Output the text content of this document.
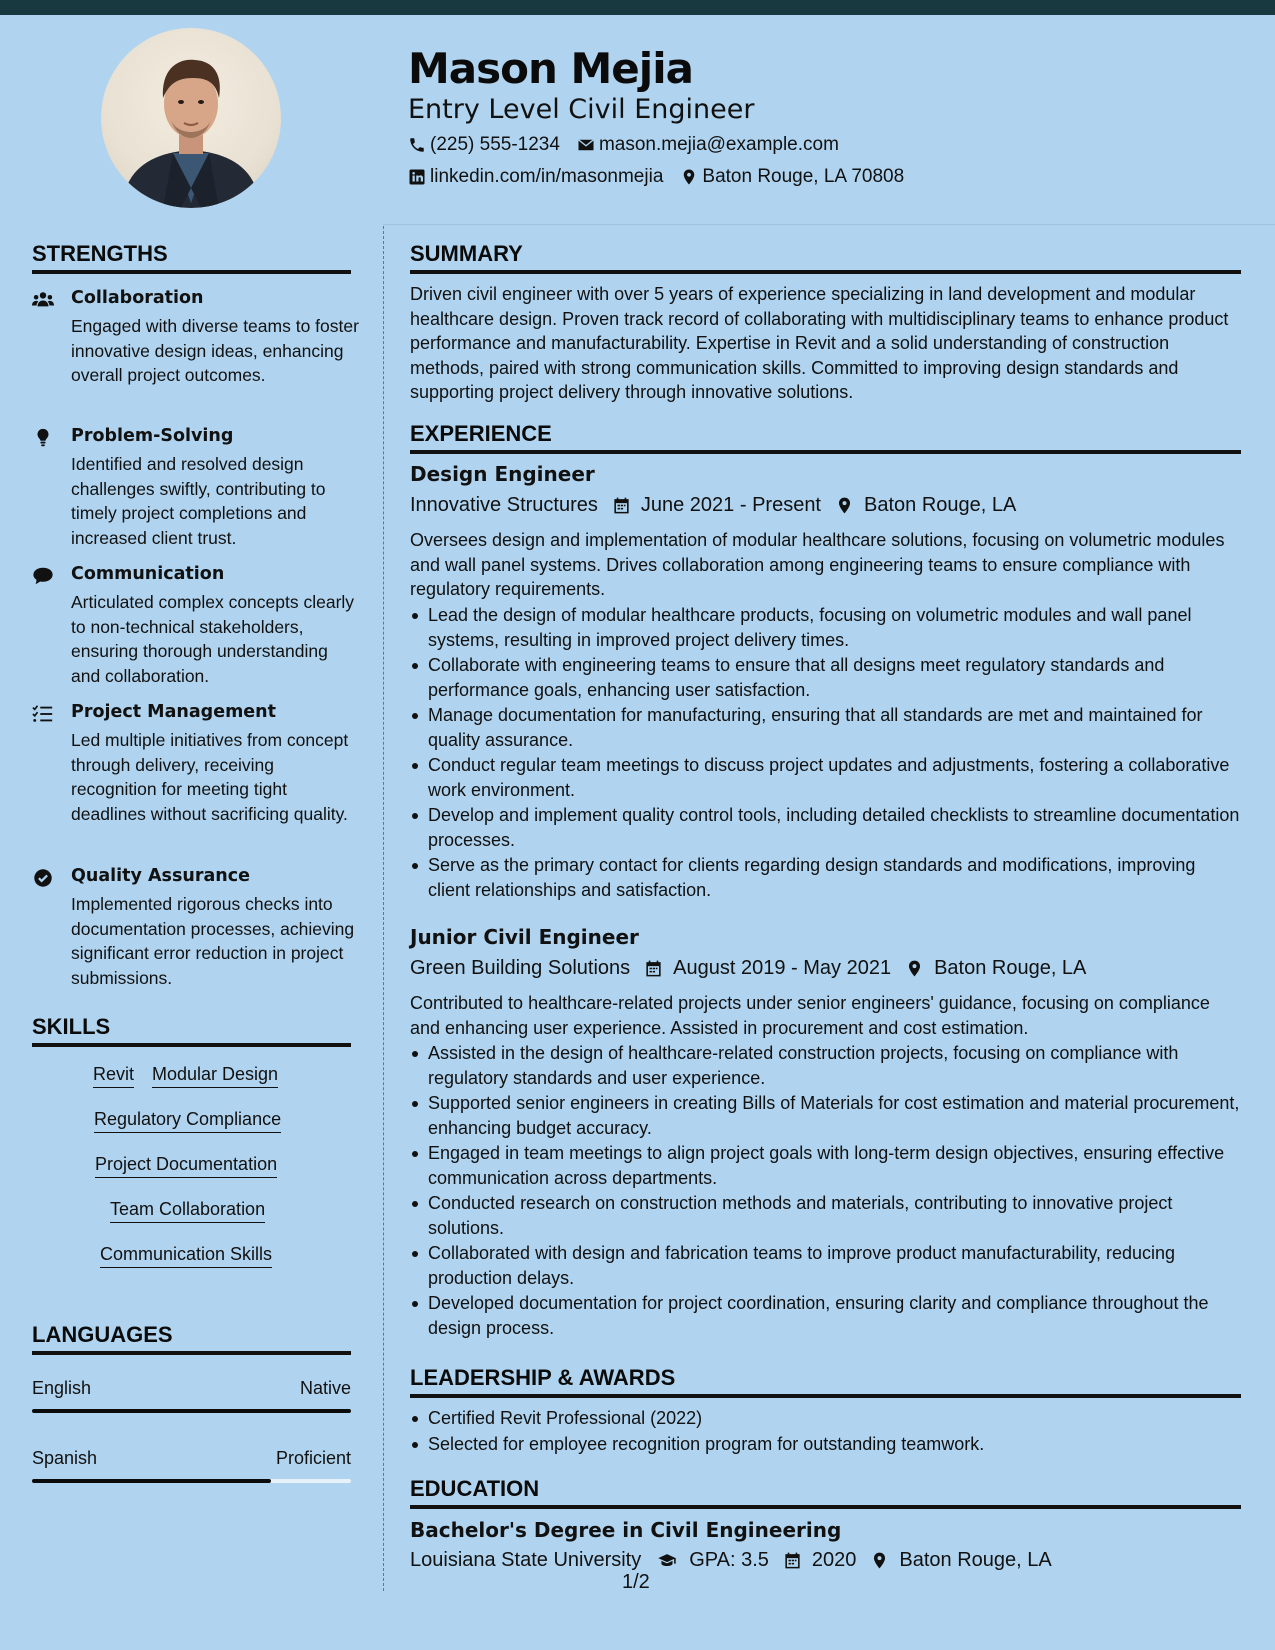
Mason Mejia
Entry Level Civil Engineer
(225) 555-1234 mason.mejia@example.com
linkedin.com/in/masonmejia Baton Rouge, LA 70808
STRENGTHS
Collaboration
Engaged with diverse teams to foster innovative design ideas, enhancing overall project outcomes.
Problem-Solving
Identified and resolved design challenges swiftly, contributing to timely project completions and increased client trust.
Communication
Articulated complex concepts clearly to non-technical stakeholders, ensuring thorough understanding and collaboration.
Project Management
Led multiple initiatives from concept through delivery, receiving recognition for meeting tight deadlines without sacrificing quality.
Quality Assurance
Implemented rigorous checks into documentation processes, achieving significant error reduction in project submissions.
SKILLS
Revit Modular Design
Regulatory Compliance
Project Documentation
Team Collaboration
Communication Skills
LANGUAGES
English	Native
Spanish	Proficient
SUMMARY
Driven civil engineer with over 5 years of experience specializing in land development and modular healthcare design. Proven track record of collaborating with multidisciplinary teams to enhance product performance and manufacturability. Expertise in Revit and a solid understanding of construction methods, paired with strong communication skills. Committed to improving design standards and supporting project delivery through innovative solutions.
EXPERIENCE
Design Engineer
Innovative Structures June 2021 - Present Baton Rouge, LA
Oversees design and implementation of modular healthcare solutions, focusing on volumetric modules and wall panel systems. Drives collaboration among engineering teams to ensure compliance with regulatory requirements.
Lead the design of modular healthcare products, focusing on volumetric modules and wall panel systems, resulting in improved project delivery times.
Collaborate with engineering teams to ensure that all designs meet regulatory standards and performance goals, enhancing user satisfaction.
Manage documentation for manufacturing, ensuring that all standards are met and maintained for quality assurance.
Conduct regular team meetings to discuss project updates and adjustments, fostering a collaborative work environment.
Develop and implement quality control tools, including detailed checklists to streamline documentation processes.
Serve as the primary contact for clients regarding design standards and modifications, improving client relationships and satisfaction.
Junior Civil Engineer
Green Building Solutions August 2019 - May 2021 Baton Rouge, LA
Contributed to healthcare-related projects under senior engineers' guidance, focusing on compliance and enhancing user experience. Assisted in procurement and cost estimation.
Assisted in the design of healthcare-related construction projects, focusing on compliance with regulatory standards and user experience.
Supported senior engineers in creating Bills of Materials for cost estimation and material procurement, enhancing budget accuracy.
Engaged in team meetings to align project goals with long-term design objectives, ensuring effective communication across departments.
Conducted research on construction methods and materials, contributing to innovative project solutions.
Collaborated with design and fabrication teams to improve product manufacturability, reducing production delays.
Developed documentation for project coordination, ensuring clarity and compliance throughout the design process.
LEADERSHIP & AWARDS
Certified Revit Professional (2022)
Selected for employee recognition program for outstanding teamwork.
EDUCATION
Bachelor's Degree in Civil Engineering
Louisiana State University GPA: 3.5 2020 Baton Rouge, LA
1/2
